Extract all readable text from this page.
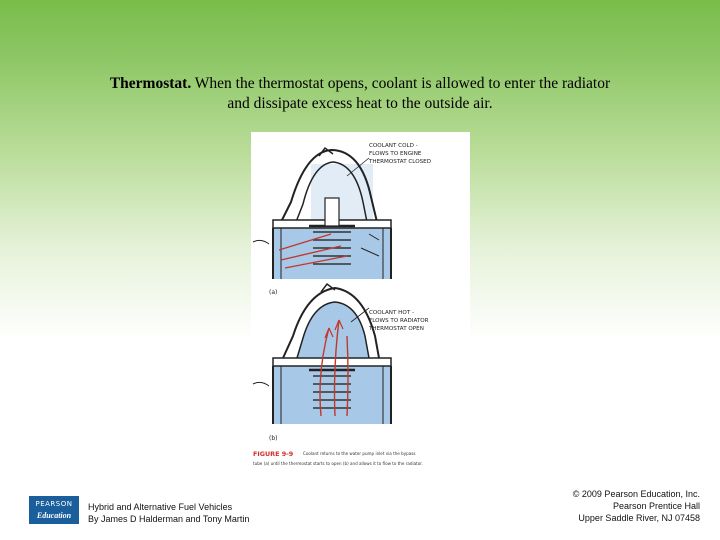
Thermostat. When the thermostat opens, coolant is allowed to enter the radiator
and dissipate excess heat to the outside air.
COOLANT COLD -
FLOWS TO ENGINE
THERMOSTAT CLOSED
(a)
COOLANT HOT -
FLOWS TO RADIATOR
THERMOSTAT OPEN
(b)
FIGURE 9-9 Coolant returns to the water pump inlet via the bypass
tube (a) until the thermostat starts to open (b) and allows it to flow to the radiator.
PEARSON
Education
Hybrid and Alternative Fuel Vehicles
By James D Halderman and Tony Martin
© 2009 Pearson Education, Inc.
Pearson Prentice Hall
Upper Saddle River, NJ 07458
